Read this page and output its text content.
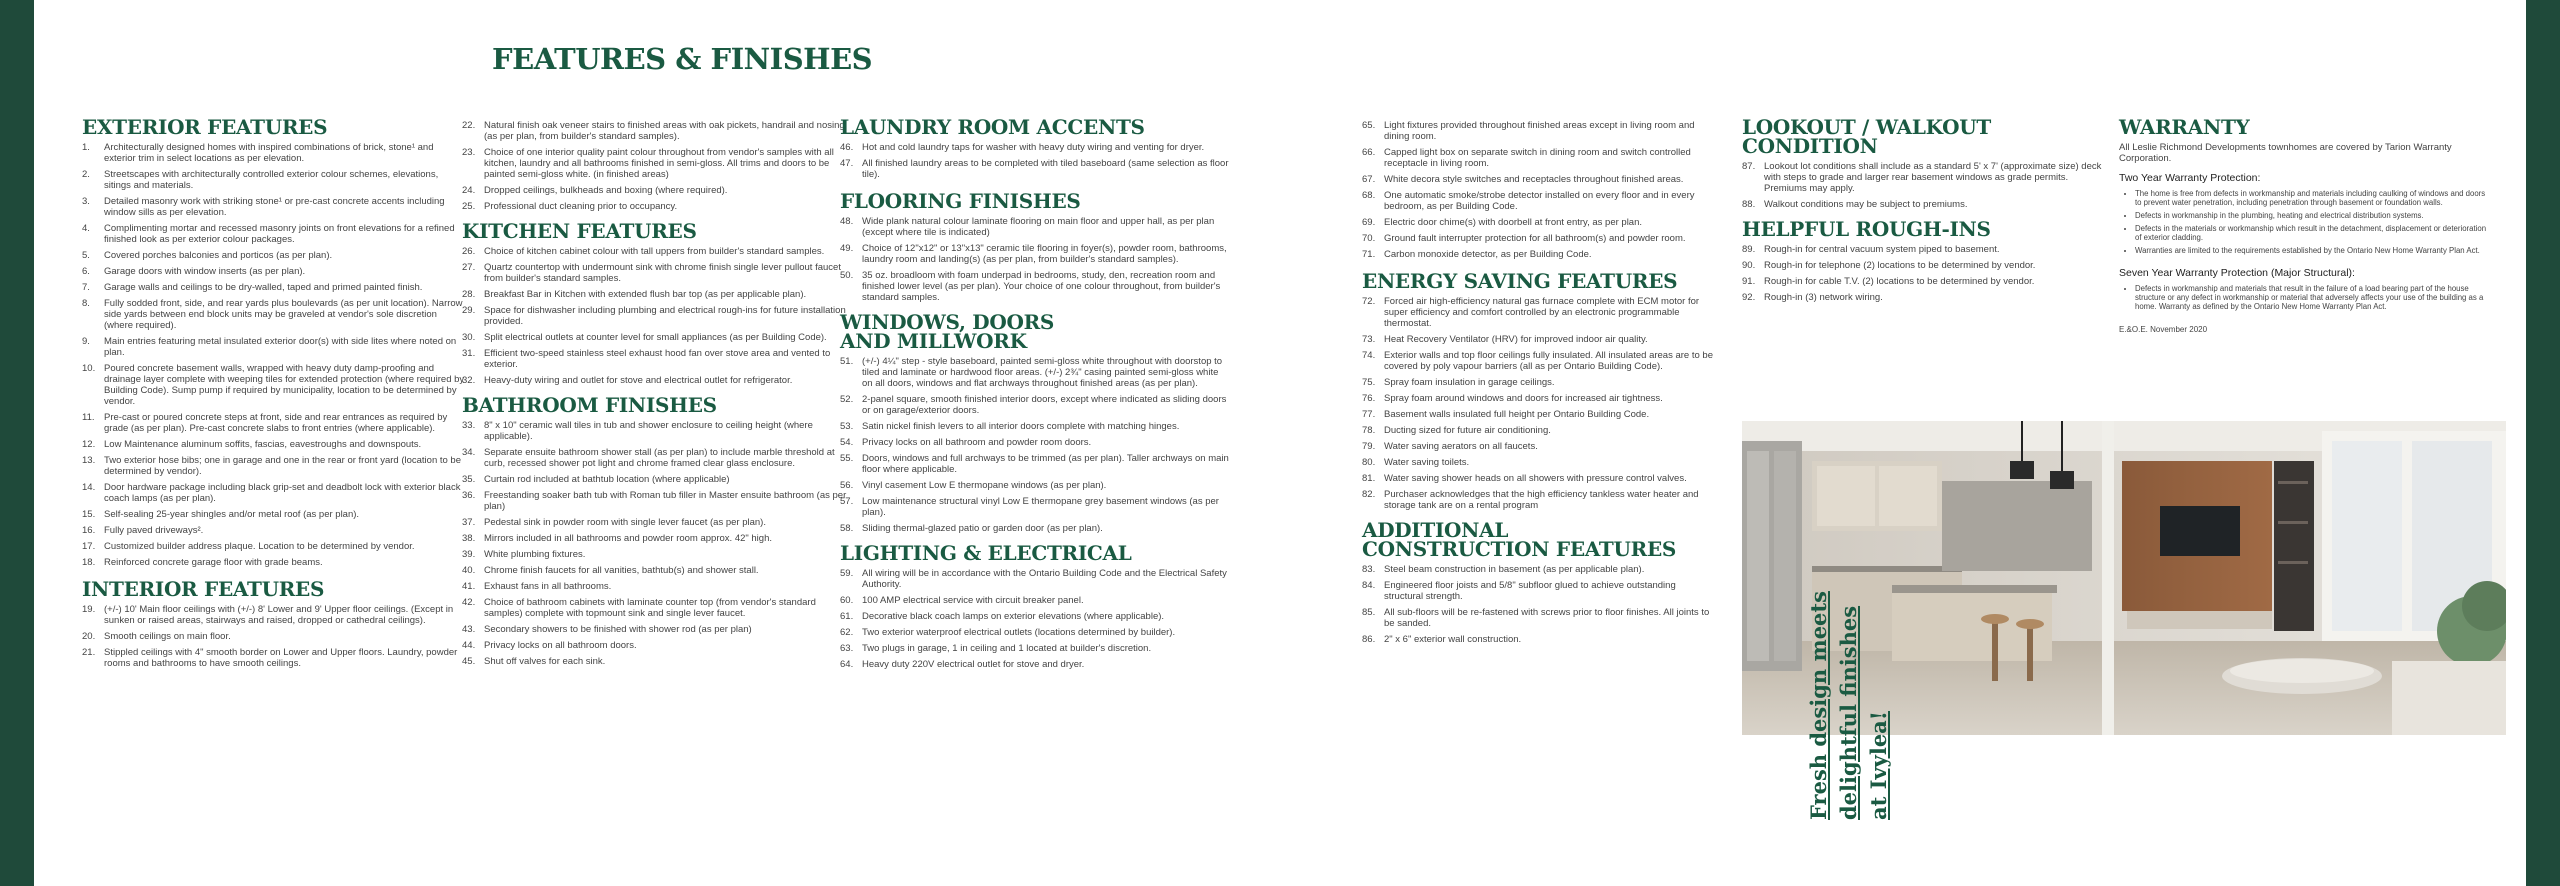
FEATURES & FINISHES
EXTERIOR FEATURES
1. Architecturally designed homes with inspired combinations of brick, stone¹ and exterior trim in select locations as per elevation.
2. Streetscapes with architecturally controlled exterior colour schemes, elevations, sitings and materials.
3. Detailed masonry work with striking stone¹ or pre-cast concrete accents including window sills as per elevation.
4. Complimenting mortar and recessed masonry joints on front elevations for a refined finished look as per exterior colour packages.
5. Covered porches balconies and porticos (as per plan).
6. Garage doors with window inserts (as per plan).
7. Garage walls and ceilings to be dry-walled, taped and primed painted finish.
8. Fully sodded front, side, and rear yards plus boulevards (as per unit location). Narrow side yards between end block units may be graveled at vendor's sole discretion (where required).
9. Main entries featuring metal insulated exterior door(s) with side lites where noted on plan.
10. Poured concrete basement walls, wrapped with heavy duty damp-proofing and drainage layer complete with weeping tiles for extended protection (where required by Building Code). Sump pump if required by municipality, location to be determined by vendor.
11. Pre-cast or poured concrete steps at front, side and rear entrances as required by grade (as per plan). Pre-cast concrete slabs to front entries (where applicable).
12. Low Maintenance aluminum soffits, fascias, eavestroughs and downspouts.
13. Two exterior hose bibs; one in garage and one in the rear or front yard (location to be determined by vendor).
14. Door hardware package including black grip-set and deadbolt lock with exterior black coach lamps (as per plan).
15. Self-sealing 25-year shingles and/or metal roof (as per plan).
16. Fully paved driveways².
17. Customized builder address plaque. Location to be determined by vendor.
18. Reinforced concrete garage floor with grade beams.
INTERIOR FEATURES
19. (+/-) 10' Main floor ceilings with (+/-) 8' Lower and 9' Upper floor ceilings. (Except in sunken or raised areas, stairways and raised, dropped or cathedral ceilings).
20. Smooth ceilings on main floor.
21. Stippled ceilings with 4" smooth border on Lower and Upper floors. Laundry, powder rooms and bathrooms to have smooth ceilings.
22. Natural finish oak veneer stairs to finished areas with oak pickets, handrail and nosing (as per plan, from builder's standard samples).
23. Choice of one interior quality paint colour throughout from vendor's samples with all kitchen, laundry and all bathrooms finished in semi-gloss. All trims and doors to be painted semi-gloss white. (in finished areas)
24. Dropped ceilings, bulkheads and boxing (where required).
25. Professional duct cleaning prior to occupancy.
KITCHEN FEATURES
26. Choice of kitchen cabinet colour with tall uppers from builder's standard samples.
27. Quartz countertop with undermount sink with chrome finish single lever pullout faucet from builder's standard samples.
28. Breakfast Bar in Kitchen with extended flush bar top (as per applicable plan).
29. Space for dishwasher including plumbing and electrical rough-ins for future installation provided.
30. Split electrical outlets at counter level for small appliances (as per Building Code).
31. Efficient two-speed stainless steel exhaust hood fan over stove area and vented to exterior.
32. Heavy-duty wiring and outlet for stove and electrical outlet for refrigerator.
BATHROOM FINISHES
33. 8" x 10" ceramic wall tiles in tub and shower enclosure to ceiling height (where applicable).
34. Separate ensuite bathroom shower stall (as per plan) to include marble threshold at curb, recessed shower pot light and chrome framed clear glass enclosure.
35. Curtain rod included at bathtub location (where applicable)
36. Freestanding soaker bath tub with Roman tub filler in Master ensuite bathroom (as per plan)
37. Pedestal sink in powder room with single lever faucet (as per plan).
38. Mirrors included in all bathrooms and powder room approx. 42" high.
39. White plumbing fixtures.
40. Chrome finish faucets for all vanities, bathtub(s) and shower stall.
41. Exhaust fans in all bathrooms.
42. Choice of bathroom cabinets with laminate counter top (from vendor's standard samples) complete with topmount sink and single lever faucet.
43. Secondary showers to be finished with shower rod (as per plan)
44. Privacy locks on all bathroom doors.
45. Shut off valves for each sink.
LAUNDRY ROOM ACCENTS
46. Hot and cold laundry taps for washer with heavy duty wiring and venting for dryer.
47. All finished laundry areas to be completed with tiled baseboard (same selection as floor tile).
FLOORING FINISHES
48. Wide plank natural colour laminate flooring on main floor and upper hall, as per plan (except where tile is indicated)
49. Choice of 12"x12" or 13"x13" ceramic tile flooring in foyer(s), powder room, bathrooms, laundry room and landing(s) (as per plan, from builder's standard samples).
50. 35 oz. broadloom with foam underpad in bedrooms, study, den, recreation room and finished lower level (as per plan). Your choice of one colour throughout, from builder's standard samples.
WINDOWS, DOORS
AND MILLWORK
51. (+/-) 4¼" step - style baseboard, painted semi-gloss white throughout with doorstop to tiled and laminate or hardwood floor areas. (+/-) 2¾" casing painted semi-gloss white on all doors, windows and flat archways throughout finished areas (as per plan).
52. 2-panel square, smooth finished interior doors, except where indicated as sliding doors or on garage/exterior doors.
53. Satin nickel finish levers to all interior doors complete with matching hinges.
54. Privacy locks on all bathroom and powder room doors.
55. Doors, windows and full archways to be trimmed (as per plan). Taller archways on main floor where applicable.
56. Vinyl casement Low E thermopane windows (as per plan).
57. Low maintenance structural vinyl Low E thermopane grey basement windows (as per plan).
58. Sliding thermal-glazed patio or garden door (as per plan).
LIGHTING & ELECTRICAL
59. All wiring will be in accordance with the Ontario Building Code and the Electrical Safety Authority.
60. 100 AMP electrical service with circuit breaker panel.
61. Decorative black coach lamps on exterior elevations (where applicable).
62. Two exterior waterproof electrical outlets (locations determined by builder).
63. Two plugs in garage, 1 in ceiling and 1 located at builder's discretion.
64. Heavy duty 220V electrical outlet for stove and dryer.
65. Light fixtures provided throughout finished areas except in living room and dining room.
66. Capped light box on separate switch in dining room and switch controlled receptacle in living room.
67. White decora style switches and receptacles throughout finished areas.
68. One automatic smoke/strobe detector installed on every floor and in every bedroom, as per Building Code.
69. Electric door chime(s) with doorbell at front entry, as per plan.
70. Ground fault interrupter protection for all bathroom(s) and powder room.
71. Carbon monoxide detector, as per Building Code.
ENERGY SAVING FEATURES
72. Forced air high-efficiency natural gas furnace complete with ECM motor for super efficiency and comfort controlled by an electronic programmable thermostat.
73. Heat Recovery Ventilator (HRV) for improved indoor air quality.
74. Exterior walls and top floor ceilings fully insulated. All insulated areas are to be covered by poly vapour barriers (all as per Ontario Building Code).
75. Spray foam insulation in garage ceilings.
76. Spray foam around windows and doors for increased air tightness.
77. Basement walls insulated full height per Ontario Building Code.
78. Ducting sized for future air conditioning.
79. Water saving aerators on all faucets.
80. Water saving toilets.
81. Water saving shower heads on all showers with pressure control valves.
82. Purchaser acknowledges that the high efficiency tankless water heater and storage tank are on a rental program
ADDITIONAL
CONSTRUCTION FEATURES
83. Steel beam construction in basement (as per applicable plan).
84. Engineered floor joists and 5/8" subfloor glued to achieve outstanding structural strength.
85. All sub-floors will be re-fastened with screws prior to floor finishes. All joints to be sanded.
86. 2" x 6" exterior wall construction.
LOOKOUT / WALKOUT
CONDITION
87. Lookout lot conditions shall include as a standard 5' x 7' (approximate size) deck with steps to grade and larger rear basement windows as grade permits. Premiums may apply.
88. Walkout conditions may be subject to premiums.
HELPFUL ROUGH-INS
89. Rough-in for central vacuum system piped to basement.
90. Rough-in for telephone (2) locations to be determined by vendor.
91. Rough-in for cable T.V. (2) locations to be determined by vendor.
92. Rough-in (3) network wiring.
WARRANTY

All Leslie Richmond Developments townhomes are covered by Tarion Warranty Corporation.

Two Year Warranty Protection:

• The home is free from defects in workmanship and materials including caulking of windows and doors to prevent water penetration, including penetration through basement or foundation walls.
• Defects in workmanship in the plumbing, heating and electrical distribution systems.
• Defects in the materials or workmanship which result in the detachment, displacement or deterioration of exterior cladding.
• Warranties are limited to the requirements established by the Ontario New Home Warranty Plan Act.

Seven Year Warranty Protection (Major Structural):

• Defects in workmanship and materials that result in the failure of a load bearing part of the house structure or any defect in workmanship or material that adversely affects your use of the building as a home. Warranty as defined by the Ontario New Home Warranty Plan Act.
E.&O.E. November 2020
Fresh design meets delightful finishes at Ivylea!
